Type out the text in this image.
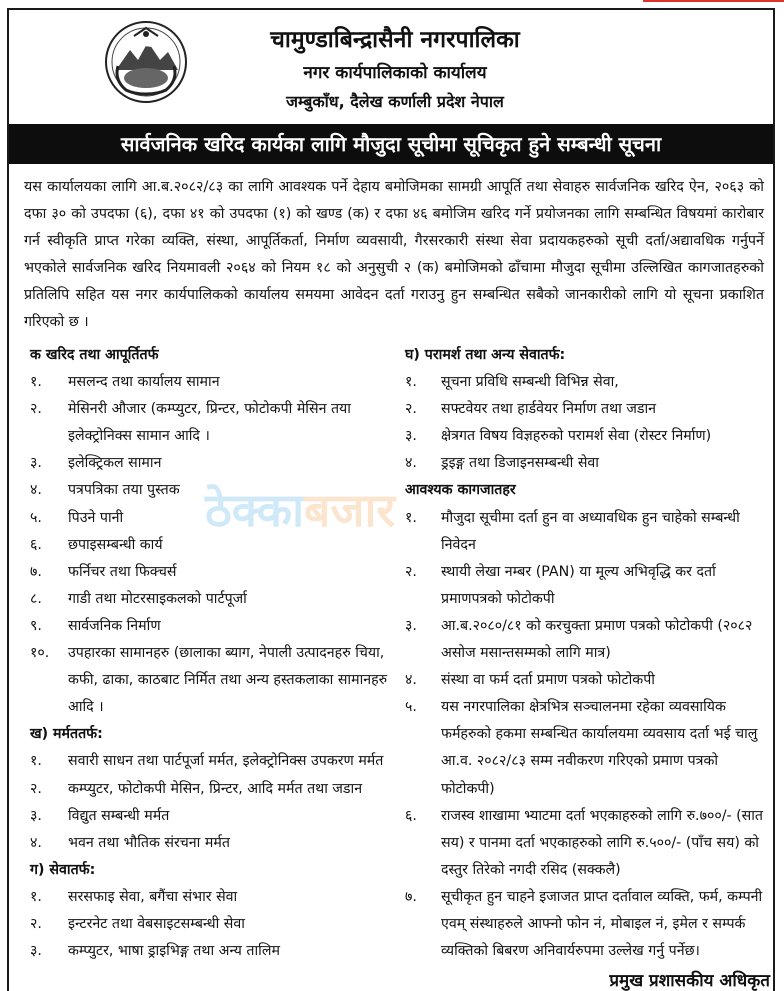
चामुण्डाबिन्द्रासैनी नगरपालिका
नगर कार्यपालिकाको कार्यालय
जम्बुकाँध, दैलेख कर्णाली प्रदेश नेपाल
सार्वजनिक खरिद कार्यका लागि मौजुदा सूचीमा सूचिकृत हुने सम्बन्धी सूचना

यस कार्यालयका लागि आ.ब.२०८२/८३ का लागि आवश्यक पर्ने देहाय बमोजिमका सामग्री आपूर्ति तथा सेवाहरु सार्वजनिक खरिद ऐन, २०६३ को दफा ३० को उपदफा (६), दफा ४१ को उपदफा (१) को खण्ड (क) र दफा ४६ बमोजिम खरिद गर्ने प्रयोजनका लागि सम्बन्धित विषयमां कारोबार गर्न स्वीकृति प्राप्त गरेका व्यक्ति, संस्था, आपूर्तिकर्ता, निर्माण व्यवसायी, गैरसरकारी संस्था सेवा प्रदायकहरुको सूची दर्ता/अद्यावधिक गर्नुपर्ने भएकोले सार्वजनिक खरिद नियमावली २०६४ को नियम १८ को अनुसुची २ (क) बमोजिमको ढाँचामा मौजुदा सूचीमा उल्लिखित कागजातहरुको प्रतिलिपि सहित यस नगर कार्यपालिकको कार्यालय समयमा आवेदन दर्ता गराउनु हुन सम्बन्धित सबैको जानकारीको लागि यो सूचना प्रकाशित गरिएको छ ।

ठेक्काबजार

क खरिद तथा आपूर्तितर्फ

१.	मसलन्द तथा कार्यालय सामान
२.	मेसिनरी औजार (कम्प्युटर, प्रिन्टर, फोटोकपी मेसिन तया इलेक्ट्रोनिक्स सामान आदि ।
३.	इलेक्ट्रिकल सामान
४.	पत्रपत्रिका तया पुस्तक
५.	पिउने पानी
६.	छपाइसम्बन्धी कार्य
७.	फर्निचर तथा फिक्चर्स
८.	गाडी तथा मोटरसाइकलको पार्टपूर्जा
९.	सार्वजनिक निर्माण
१०.	उपहारका सामानहरु (छालाका ब्याग, नेपाली उत्पादनहरु चिया, कफी, ढाका, काठबाट निर्मित तथा अन्य हस्तकलाका सामानहरु आदि ।

ख) मर्मततर्फ:

१.	सवारी साधन तथा पार्टपूर्जा मर्मत, इलेक्ट्रोनिक्स उपकरण मर्मत
२.	कम्प्युटर, फोटोकपी मेसिन, प्रिन्टर, आदि मर्मत तथा जडान
३.	विद्युत सम्बन्धी मर्मत
४.	भवन तथा भौतिक संरचना मर्मत

ग) सेवातर्फ:

१.	सरसफाइ सेवा, बगैंचा संभार सेवा
२.	इन्टरनेट तथा वेबसाइटसम्बन्धी सेवा
३.	कम्प्युटर, भाषा ड्राइभिङ्ग तथा अन्य तालिम

घ) परामर्श तथा अन्य सेवातर्फ:

१.	सूचना प्रविधि सम्बन्धी विभिन्न सेवा,
२.	सफ्टवेयर तथा हार्डवेयर निर्माण तथा जडान
३.	क्षेत्रगत विषय विज्ञहरुको परामर्श सेवा (रोस्टर निर्माण)
४.	ड्रइङ्ग तथा डिजाइनसम्बन्धी सेवा

आवश्यक कागजातहर

१.	मौजुदा सूचीमा दर्ता हुन वा अध्यावधिक हुन चाहेको सम्बन्धी निवेदन
२.	स्थायी लेखा नम्बर (PAN) या मूल्य अभिवृद्धि कर दर्ता प्रमाणपत्रको फोटोकपी
३.	आ.ब.२०८०/८१ को करचुक्ता प्रमाण पत्रको फोटोकपी (२०८२ असोज मसान्तसम्मको लागि मात्र)
४.	संस्था वा फर्म दर्ता प्रमाण पत्रको फोटोकपी
५.	यस नगरपालिका क्षेत्रभित्र सञ्चालनमा रहेका व्यवसायिक फर्महरुको हकमा सम्बन्धित कार्यालयमा व्यवसाय दर्ता भई चालु आ.व. २०८२/८३ सम्म नवीकरण गरिएको प्रमाण पत्रको फोटोकपी)
६.	राजस्व शाखामा भ्याटमा दर्ता भएकाहरुको लागि रु.७००/- (सात सय) र पानमा दर्ता भएकाहरुको लागि रु.५००/- (पाँच सय) को दस्तुर तिरेको नगदी रसिद (सक्कलै)
७.	सूचीकृत हुन चाहने इजाजत प्राप्त दर्तावाल व्यक्ति, फर्म, कम्पनी एवम् संस्थाहरुले आफ्नो फोन नं, मोबाइल नं, इमेल र सम्पर्क व्यक्तिको बिबरण अनिवार्यरुपमा उल्लेख गर्नु पर्नेछ।
प्रमुख प्रशासकीय अधिकृत
